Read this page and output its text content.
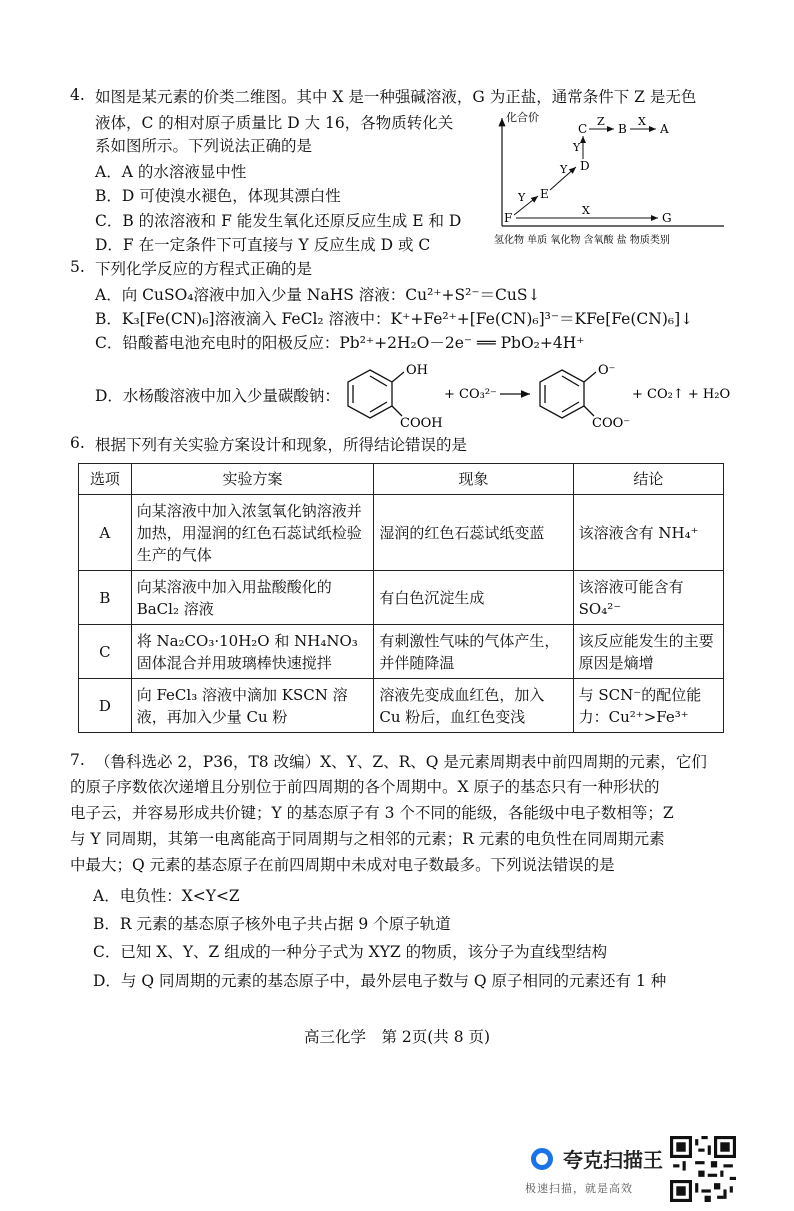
4. 如图是某元素的价类二维图。其中 X 是一种强碱溶液，G 为正盐，通常条件下 Z 是无色
液体，C 的相对原子质量比 D 大 16，各物质转化关
系如图所示。下列说法正确的是
A．A 的水溶液显中性
B．D 可使溴水褪色，体现其漂白性
C．B 的浓溶液和 F 能发生氧化还原反应生成 E 和 D
D．F 在一定条件下可直接与 Y 反应生成 D 或 C
化合价
氢化物 单质 氧化物 含氧酸 盐 物质类别
C	B	A
D
E
F	G
Z	X
Y
Y
Y
X
5. 下列化学反应的方程式正确的是
A．向 CuSO₄溶液中加入少量 NaHS 溶液：Cu²⁺+S²⁻＝CuS↓
B．K₃[Fe(CN)₆]溶液滴入 FeCl₂ 溶液中：K⁺+Fe²⁺+[Fe(CN)₆]³⁻＝KFe[Fe(CN)₆]↓
C．铅酸蓄电池充电时的阳极反应：Pb²⁺+2H₂O－2e⁻ ══ PbO₂+4H⁺
D．水杨酸溶液中加入少量碳酸钠：
OH
COOH
+ CO₃²⁻
O⁻
COO⁻
+ CO₂↑ + H₂O
6. 根据下列有关实验方案设计和现象，所得结论错误的是
选项	实验方案	现象	结论
A	向某溶液中加入浓氢氧化钠溶液并加热，用湿润的红色石蕊试纸检验生产的气体	湿润的红色石蕊试纸变蓝	该溶液含有 NH₄⁺
B	向某溶液中加入用盐酸酸化的 BaCl₂ 溶液	有白色沉淀生成	该溶液可能含有 SO₄²⁻
C	将 Na₂CO₃·10H₂O 和 NH₄NO₃ 固体混合并用玻璃棒快速搅拌	有刺激性气味的气体产生，并伴随降温	该反应能发生的主要原因是熵增
D	向 FeCl₃ 溶液中滴加 KSCN 溶液，再加入少量 Cu 粉	溶液先变成血红色，加入 Cu 粉后，血红色变浅	与 SCN⁻的配位能力：Cu²⁺>Fe³⁺
7. （鲁科选必 2，P36，T8 改编）X、Y、Z、R、Q 是元素周期表中前四周期的元素，它们
的原子序数依次递增且分别位于前四周期的各个周期中。X 原子的基态只有一种形状的
电子云，并容易形成共价键；Y 的基态原子有 3 个不同的能级，各能级中电子数相等；Z
与 Y 同周期，其第一电离能高于同周期与之相邻的元素；R 元素的电负性在同周期元素
中最大；Q 元素的基态原子在前四周期中未成对电子数最多。下列说法错误的是
A．电负性：X<Y<Z
B．R 元素的基态原子核外电子共占据 9 个原子轨道
C．已知 X、Y、Z 组成的一种分子式为 XYZ 的物质，该分子为直线型结构
D．与 Q 同周期的元素的基态原子中，最外层电子数与 Q 原子相同的元素还有 1 种
高三化学　第 2页(共 8 页)
夸克扫描王
极速扫描，就是高效
